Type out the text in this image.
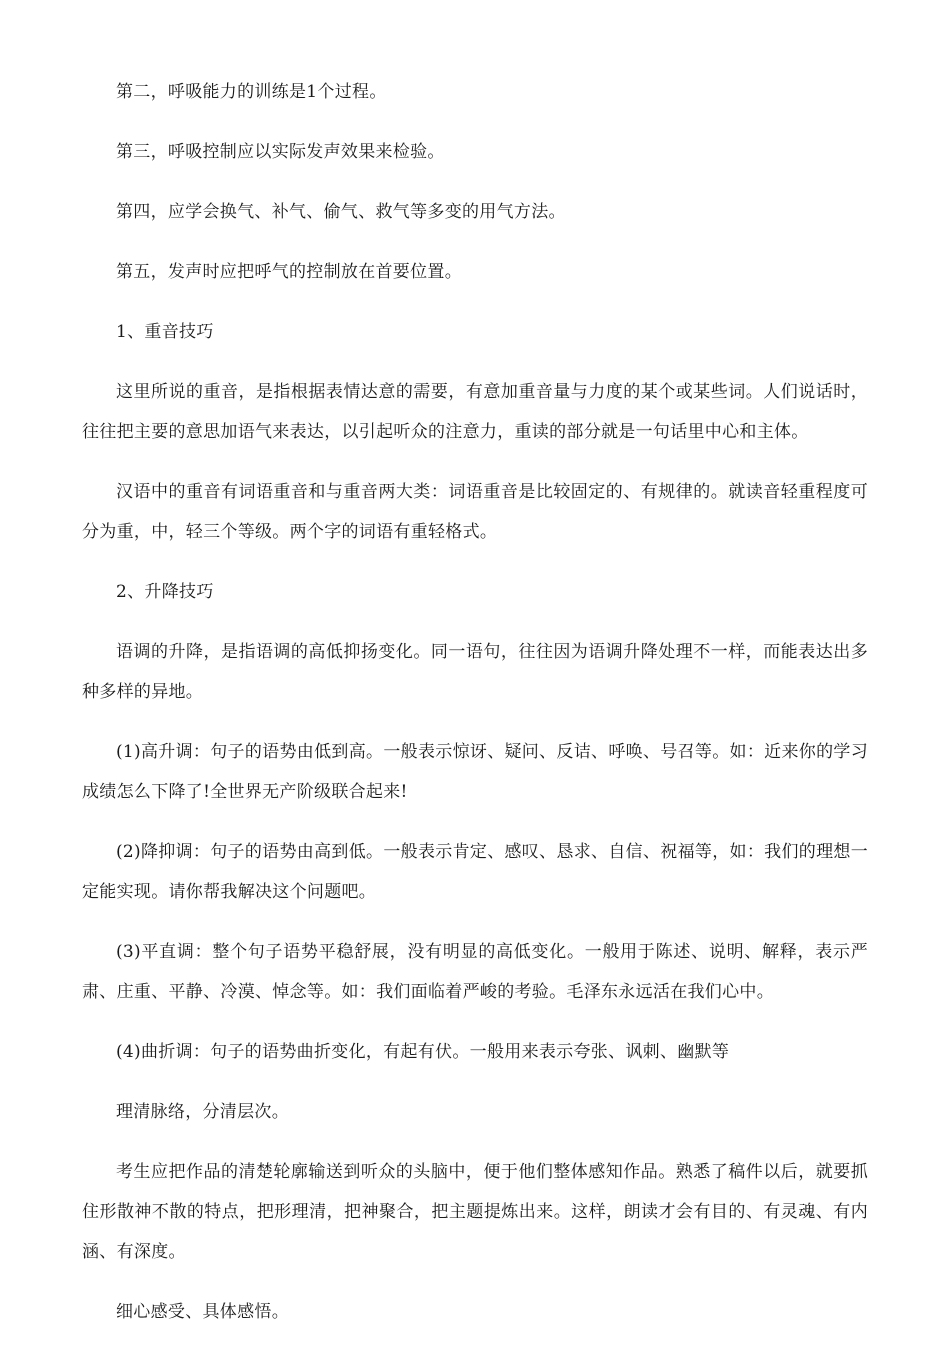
第二，呼吸能力的训练是1个过程。

第三，呼吸控制应以实际发声效果来检验。

第四，应学会换气、补气、偷气、救气等多变的用气方法。

第五，发声时应把呼气的控制放在首要位置。

1、重音技巧

这里所说的重音，是指根据表情达意的需要，有意加重音量与力度的某个或某些词。人们说话时，往往把主要的意思加语气来表达，以引起听众的注意力，重读的部分就是一句话里中心和主体。

汉语中的重音有词语重音和与重音两大类：词语重音是比较固定的、有规律的。就读音轻重程度可分为重，中，轻三个等级。两个字的词语有重轻格式。

2、升降技巧

语调的升降，是指语调的高低抑扬变化。同一语句，往往因为语调升降处理不一样，而能表达出多种多样的异地。

(1)高升调：句子的语势由低到高。一般表示惊讶、疑问、反诘、呼唤、号召等。如：近来你的学习成绩怎么下降了!全世界无产阶级联合起来!

(2)降抑调：句子的语势由高到低。一般表示肯定、感叹、恳求、自信、祝福等，如：我们的理想一定能实现。请你帮我解决这个问题吧。

(3)平直调：整个句子语势平稳舒展，没有明显的高低变化。一般用于陈述、说明、解释，表示严肃、庄重、平静、冷漠、悼念等。如：我们面临着严峻的考验。毛泽东永远活在我们心中。

(4)曲折调：句子的语势曲折变化，有起有伏。一般用来表示夸张、讽刺、幽默等

理清脉络，分清层次。

考生应把作品的清楚轮廓输送到听众的头脑中，便于他们整体感知作品。熟悉了稿件以后，就要抓住形散神不散的特点，把形理清，把神聚合，把主题提炼出来。这样，朗读才会有目的、有灵魂、有内涵、有深度。

细心感受、具体感悟。
